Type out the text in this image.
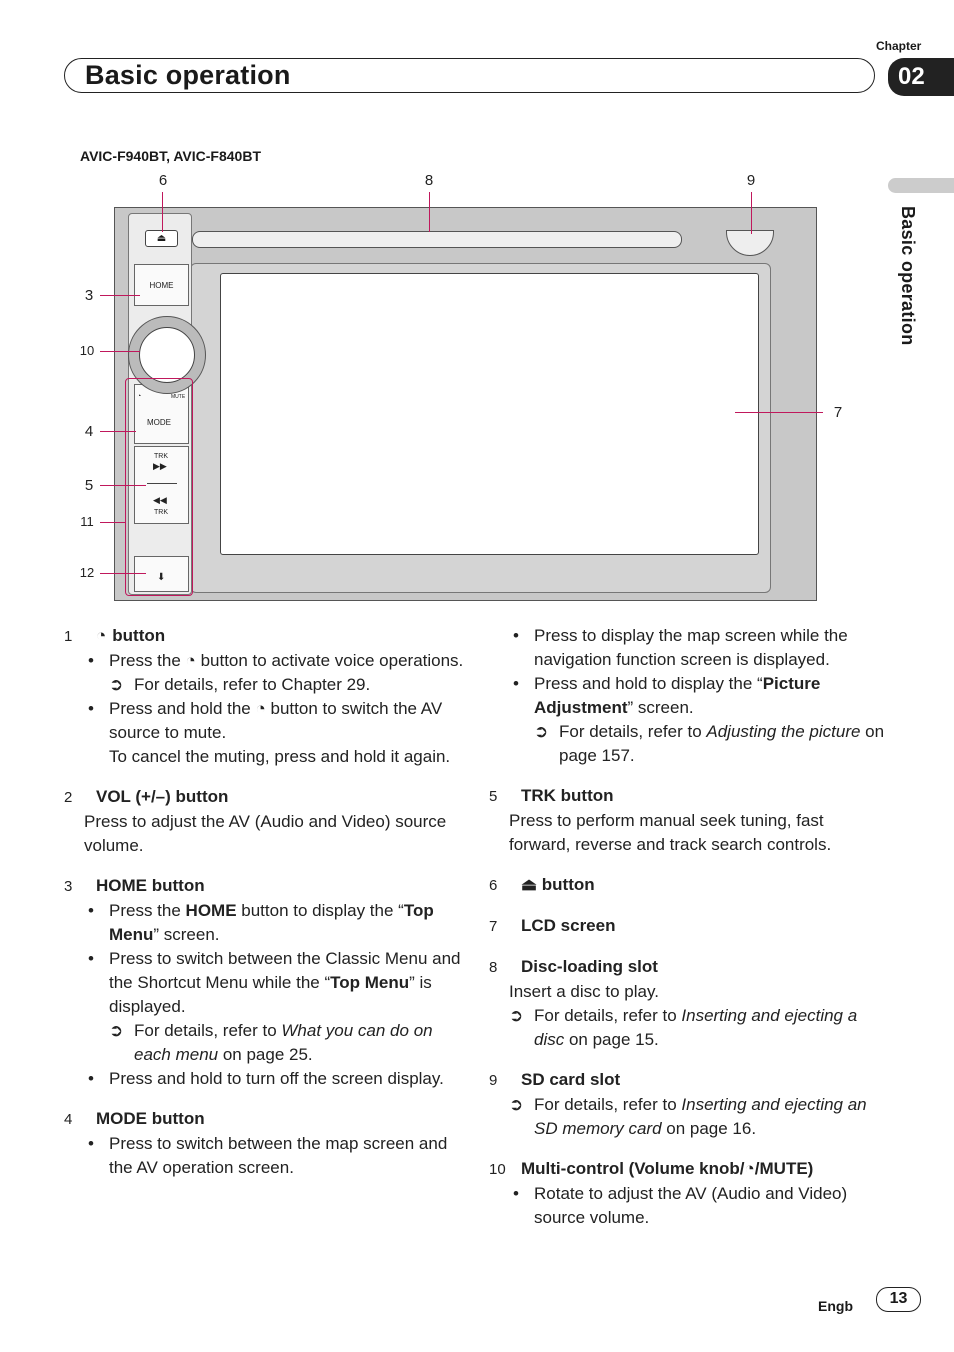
Basic operation
Chapter
02
Basic operation
AVIC-F940BT, AVIC-F840BT
6	8	9
3
10
4
5
11
12
7
⏏
HOME
◔	MUTE
MODE
TRK
▶▶
◀◀
TRK
⬇
1	◔ button
• Press the ◔ button to activate voice operations.
➲ For details, refer to Chapter 29.
• Press and hold the ◔ button to switch the AV source to mute.
To cancel the muting, press and hold it again.
2	VOL (+/–) button
Press to adjust the AV (Audio and Video) source volume.
3	HOME button
• Press the HOME button to display the “Top Menu” screen.
• Press to switch between the Classic Menu and the Shortcut Menu while the “Top Menu” is displayed.
➲ For details, refer to What you can do on each menu on page 25.
• Press and hold to turn off the screen display.
4	MODE button
• Press to switch between the map screen and the AV operation screen.
• Press to display the map screen while the navigation function screen is displayed.
• Press and hold to display the “Picture Adjustment” screen.
➲ For details, refer to Adjusting the picture on page 157.
5	TRK button
Press to perform manual seek tuning, fast forward, reverse and track search controls.
6	⏏ button
7	LCD screen
8	Disc-loading slot
Insert a disc to play.
➲ For details, refer to Inserting and ejecting a disc on page 15.
9	SD card slot
➲ For details, refer to Inserting and ejecting an SD memory card on page 16.
10 Multi-control (Volume knob/ ◔ /MUTE)
• Rotate to adjust the AV (Audio and Video) source volume.
Engb	13
